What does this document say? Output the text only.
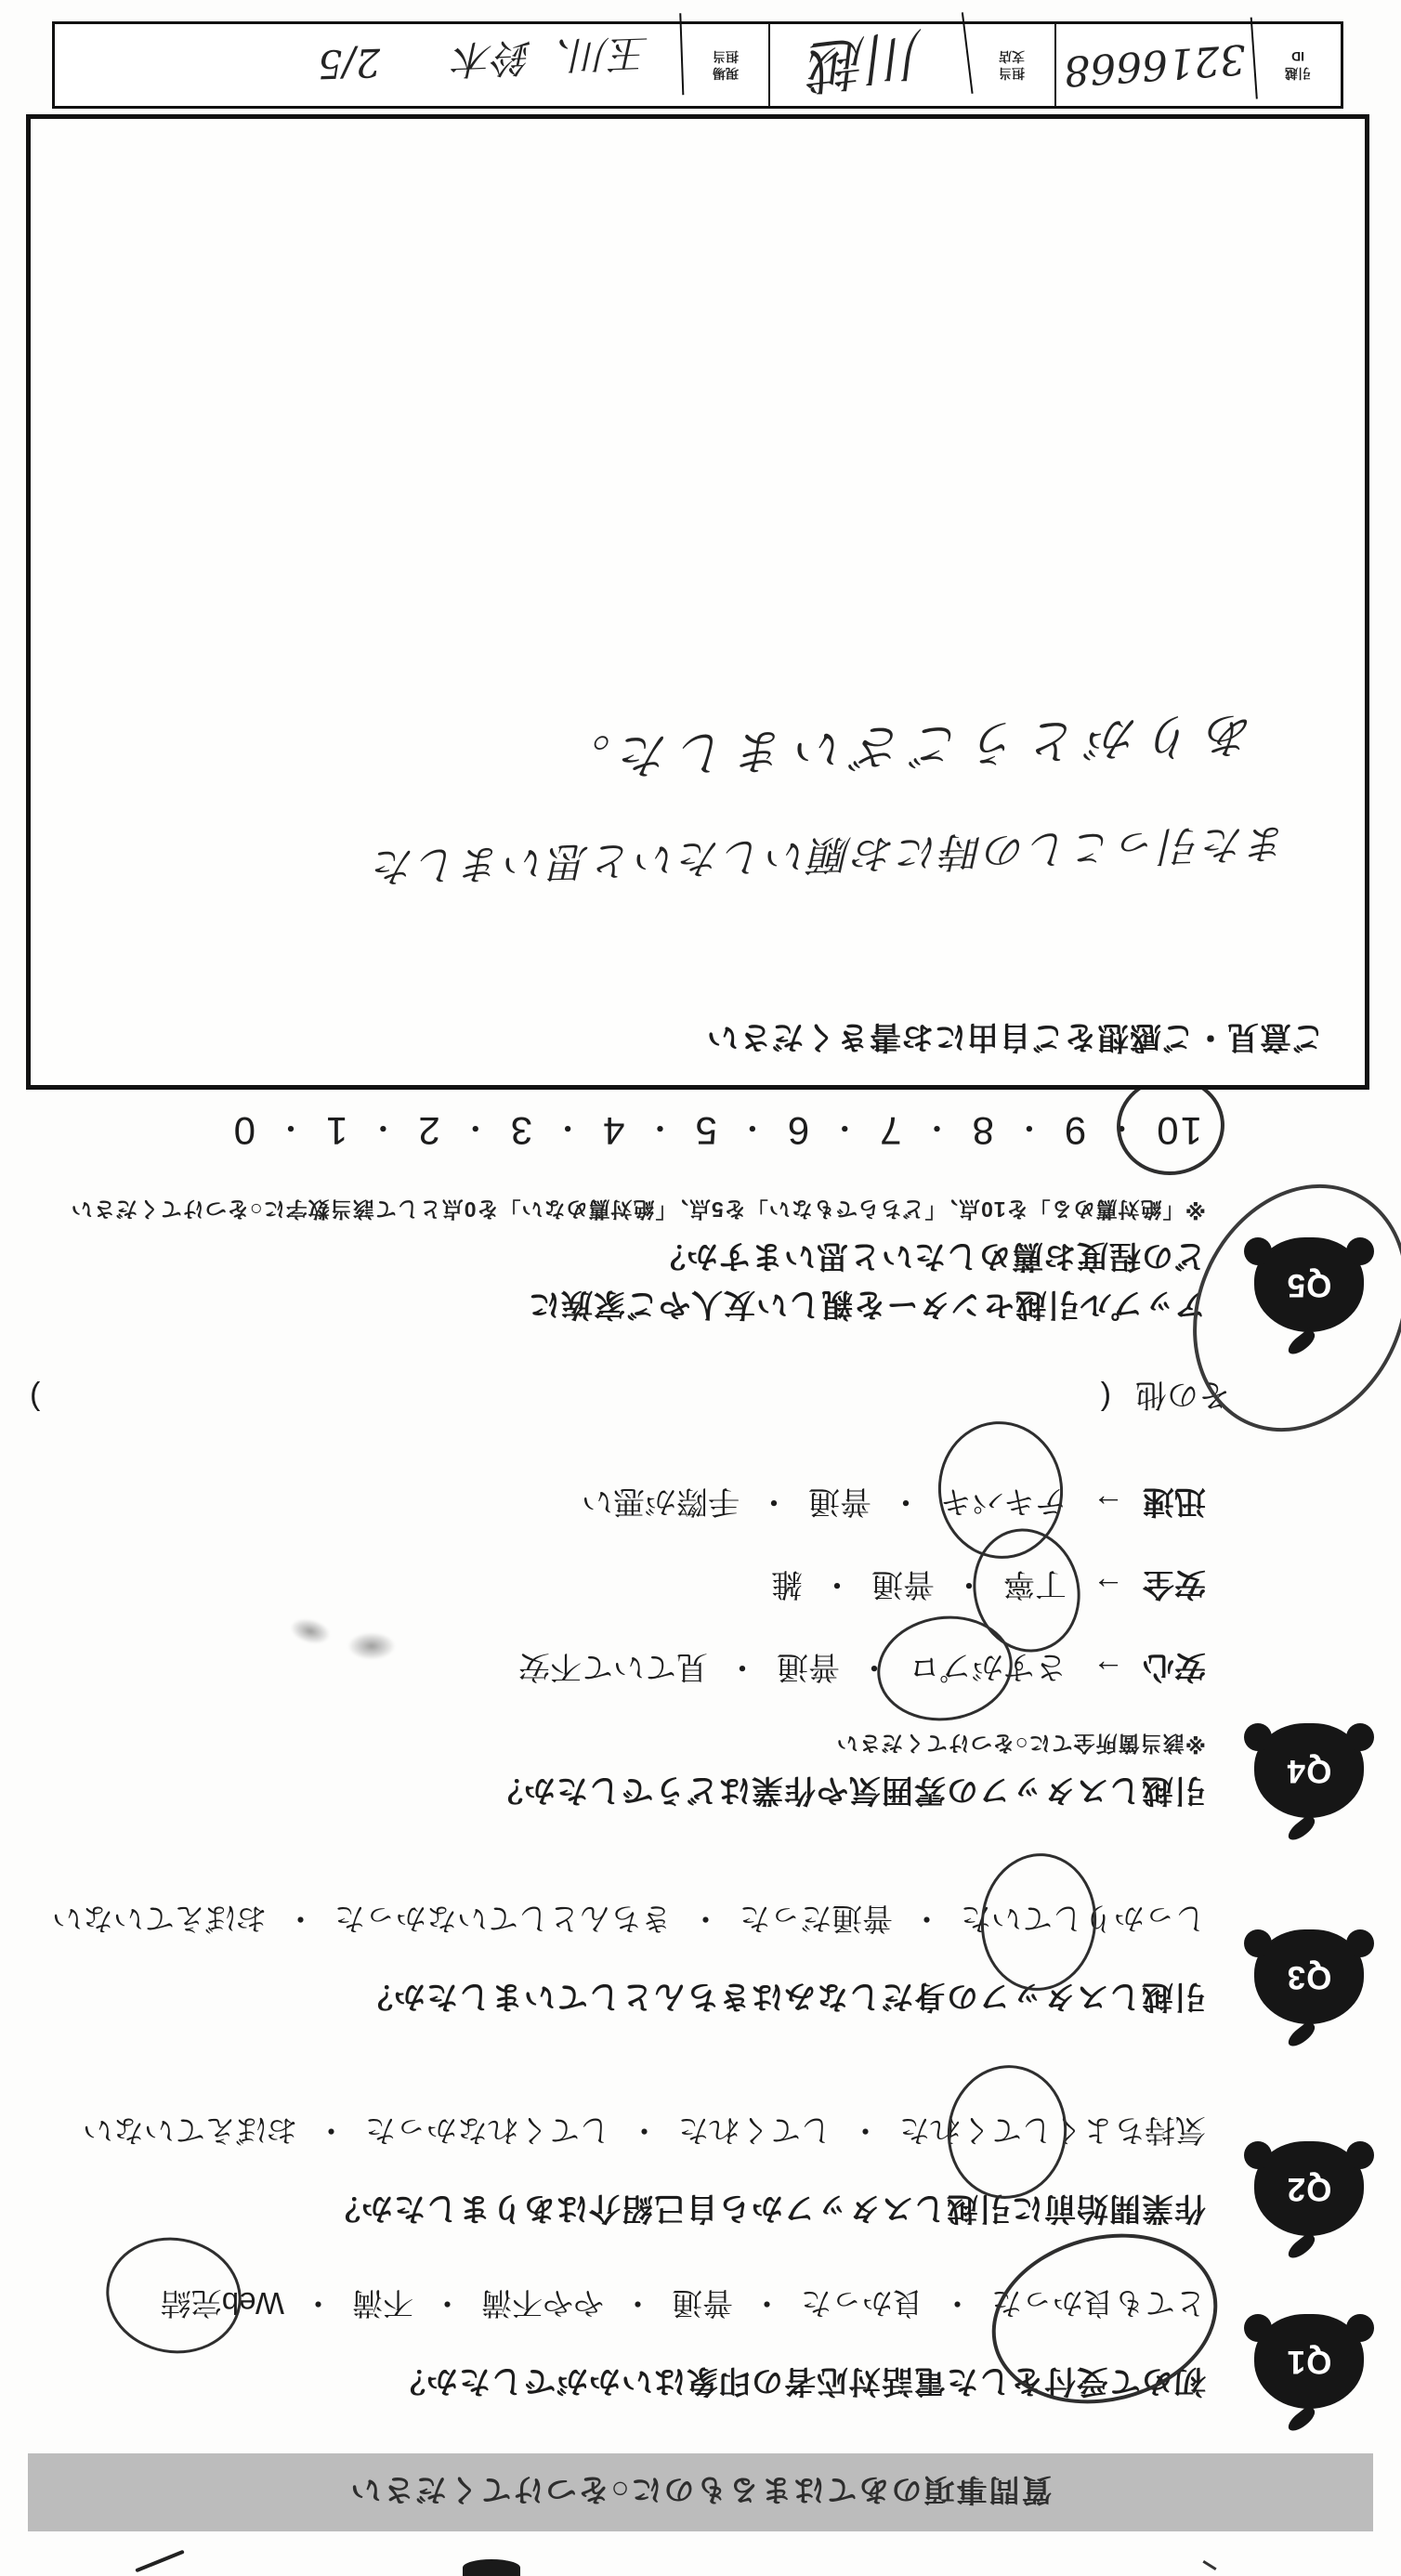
質問事項のあてはまるものに○をつけてください
Q1
初めて受付をした電話対応者の印象はいかがでしたか？
とても良かった
・
良かった
・
普通
・
やや不満
・
不満
・
Web完結
Q2
作業開始前に引越しスタッフから自己紹介はありましたか？
気持ちよくしてくれた
・
してくれた
・
してくれなかった
・
おぼえていない
Q3
引越しスタッフの身だしなみはきちんとしていましたか？
しっかりしていた
・
普通だった
・
きちんとしていなかった
・
おぼえていない
Q4
引越しスタッフの雰囲気や作業はどうでしたか？
※該当箇所全てに○をつけてください
安心
→
さすがプロ
・
普通
・
見ていて不安
安全
→
丁寧
・
普通
・
雑
迅速
→
テキパキ
・
普通
・
手際が悪い
その他
(
)
Q5
アップル引越センターを親しい友人やご家族に
どの程度お薦めしたいと思いますか？
※「絶対薦める」を10点、「どちらでもない」を5点、「絶対薦めない」を0点として該当数字に○をつけてください
10
・
9
・
8
・
7
・
6
・
5
・
4
・
3
・
2
・
1
・
0
ご意見・ご感想をご自由にお書きください
また引っこしの時にお願いしたいと思いました
ありがとうございました。
引越ID
3216668
担当支店
川越
現場担当
玉川、鈴木 2/5
